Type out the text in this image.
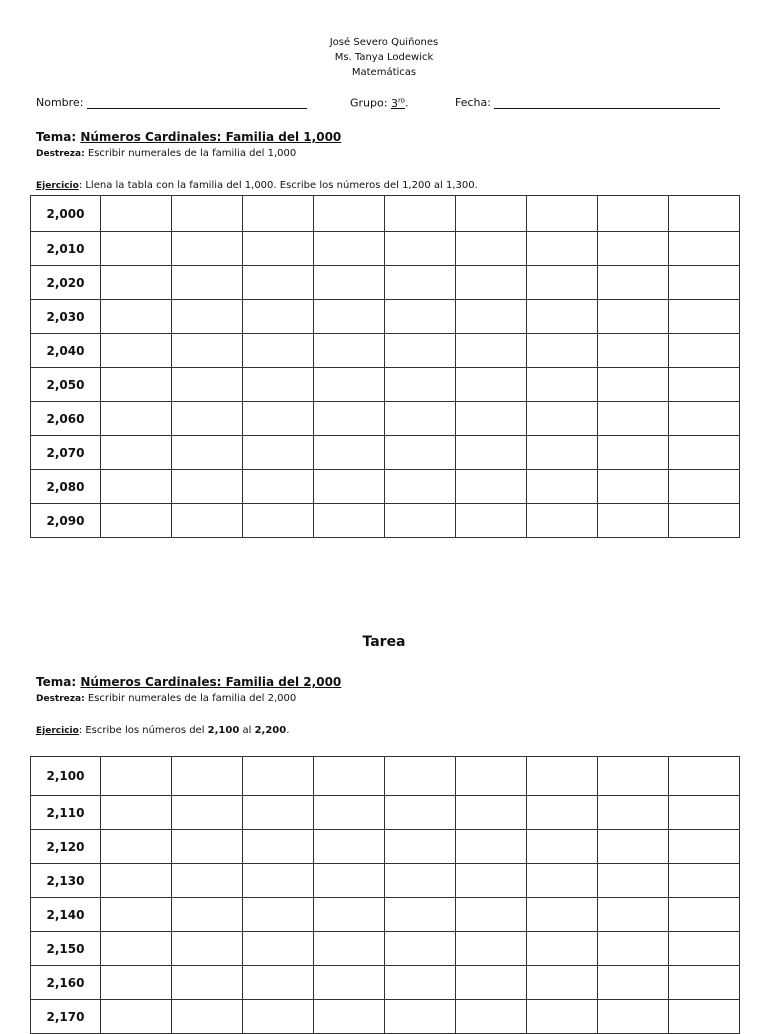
José Severo Quiñones
Ms. Tanya Lodewick
Matemáticas
Nombre:	Grupo: $3^{ro}$.	Fecha:
Tema: Números Cardinales: Familia del 1,000
Destreza: Escribir numerales de la familia del 1,000
Ejercicio: Llena la tabla con la familia del 1,000. Escribe los números del 1,200 al 1,300.
2,000									
2,010									
2,020									
2,030									
2,040									
2,050									
2,060									
2,070									
2,080									
2,090									
Tarea
Tema: Números Cardinales: Familia del 2,000
Destreza: Escribir numerales de la familia del 2,000
Ejercicio: Escribe los números del 2,100 al 2,200.
2,100									
2,110									
2,120									
2,130									
2,140									
2,150									
2,160									
2,170									
